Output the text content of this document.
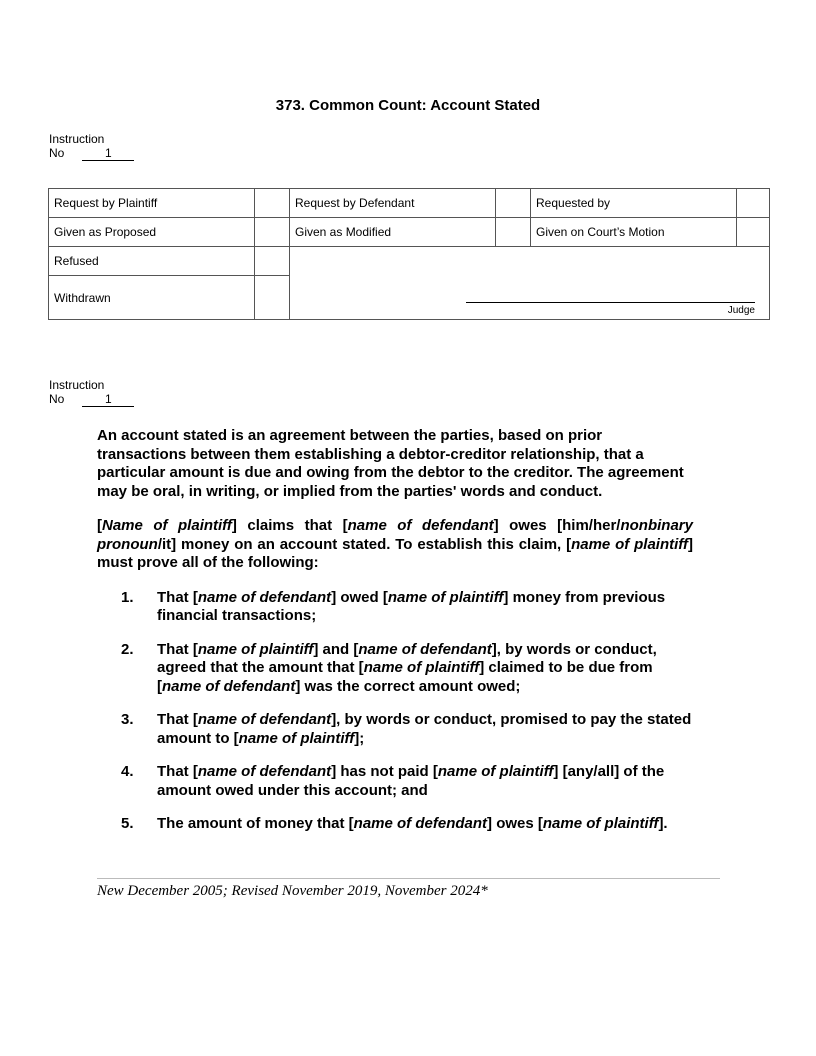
373. Common Count: Account Stated
Instruction
No	1
Request by Plaintiff		Request by Defendant		Requested by	
Given as Proposed		Given as Modified		Given on Court’s Motion	
Refused		Judge			

Withdrawn					
Instruction
No	1

An account stated is an agreement between the parties, based on prior transactions between them establishing a debtor-creditor relationship, that a particular amount is due and owing from the debtor to the creditor. The agreement may be oral, in writing, or implied from the parties' words and conduct.

[Name of plaintiff] claims that [name of defendant] owes [him/her/nonbinary pronoun/it] money on an account stated. To establish this claim, [name of plaintiff] must prove all of the following:

1. That [name of defendant] owed [name of plaintiff] money from previous financial transactions;
2. That [name of plaintiff] and [name of defendant], by words or conduct, agreed that the amount that [name of plaintiff] claimed to be due from [name of defendant] was the correct amount owed;
3. That [name of defendant], by words or conduct, promised to pay the stated amount to [name of plaintiff];
4. That [name of defendant] has not paid [name of plaintiff] [any/all] of the amount owed under this account; and
5. The amount of money that [name of defendant] owes [name of plaintiff].
New December 2005; Revised November 2019, November 2024*
